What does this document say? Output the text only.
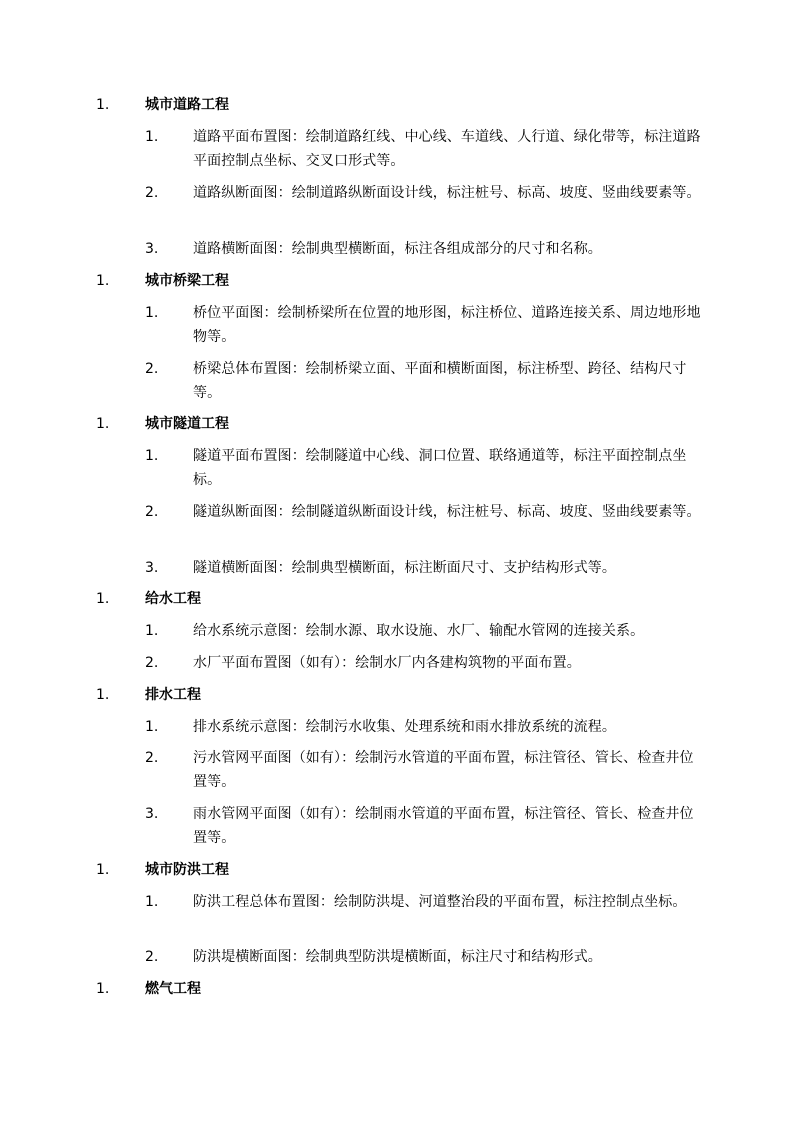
1.	城市道路工程
1. 道路平面布置图：绘制道路红线、中心线、车道线、人行道、绿化带等，标注道路平面控制点坐标、交叉口形式等。
2. 道路纵断面图：绘制道路纵断面设计线，标注桩号、标高、坡度、竖曲线要素等。
3. 道路横断面图：绘制典型横断面，标注各组成部分的尺寸和名称。
1.	城市桥梁工程
1. 桥位平面图：绘制桥梁所在位置的地形图，标注桥位、道路连接关系、周边地形地物等。
2. 桥梁总体布置图：绘制桥梁立面、平面和横断面图，标注桥型、跨径、结构尺寸等。
1.	城市隧道工程
1. 隧道平面布置图：绘制隧道中心线、洞口位置、联络通道等，标注平面控制点坐标。
2. 隧道纵断面图：绘制隧道纵断面设计线，标注桩号、标高、坡度、竖曲线要素等。
3. 隧道横断面图：绘制典型横断面，标注断面尺寸、支护结构形式等。
1.	给水工程
1. 给水系统示意图：绘制水源、取水设施、水厂、输配水管网的连接关系。
2. 水厂平面布置图（如有）：绘制水厂内各建构筑物的平面布置。
1.	排水工程
1. 排水系统示意图：绘制污水收集、处理系统和雨水排放系统的流程。
2. 污水管网平面图（如有）：绘制污水管道的平面布置，标注管径、管长、检查井位置等。
3. 雨水管网平面图（如有）：绘制雨水管道的平面布置，标注管径、管长、检查井位置等。
1.	城市防洪工程
1. 防洪工程总体布置图：绘制防洪堤、河道整治段的平面布置，标注控制点坐标。
2. 防洪堤横断面图：绘制典型防洪堤横断面，标注尺寸和结构形式。
1.	燃气工程
